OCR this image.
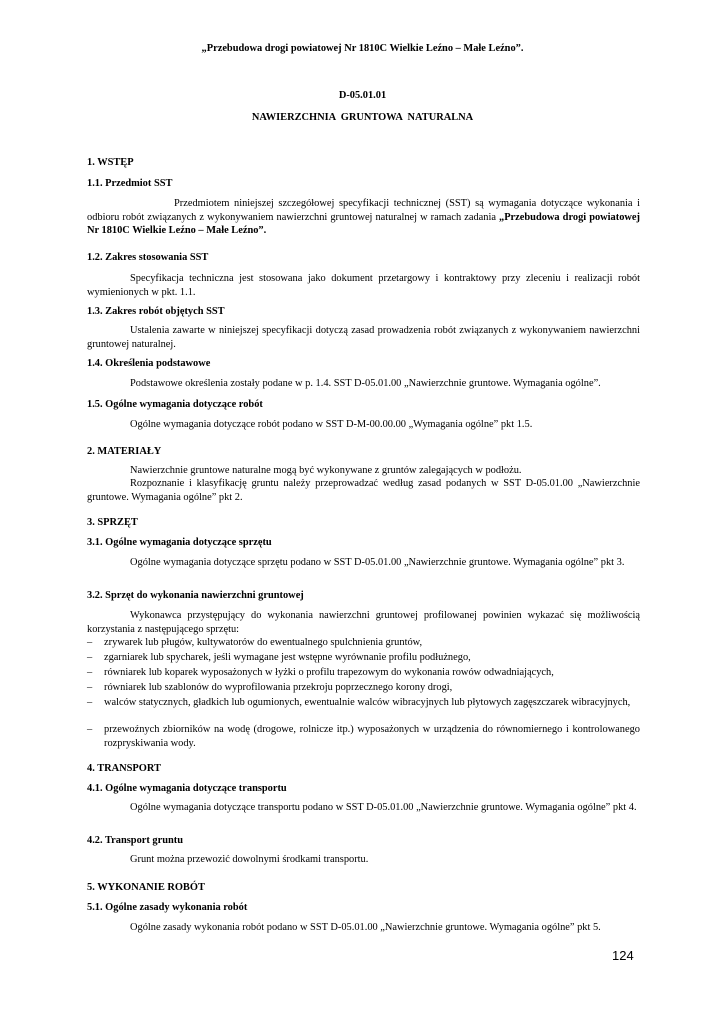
„Przebudowa drogi powiatowej Nr 1810C Wielkie Leźno – Małe Leźno”.
D-05.01.01
NAWIERZCHNIA  GRUNTOWA  NATURALNA
1. WSTĘP
1.1. Przedmiot SST
Przedmiotem niniejszej szczegółowej specyfikacji technicznej (SST) są wymagania dotyczące wykonania i odbioru robót związanych z wykonywaniem nawierzchni gruntowej naturalnej w ramach zadania „Przebudowa drogi powiatowej Nr 1810C Wielkie Leźno – Małe Leźno”.
1.2. Zakres stosowania SST
Specyfikacja techniczna jest stosowana jako dokument przetargowy i kontraktowy przy zleceniu i realizacji robót wymienionych w pkt. 1.1.
1.3. Zakres robót objętych SST
Ustalenia zawarte w niniejszej specyfikacji dotyczą zasad prowadzenia robót związanych z wykonywaniem nawierzchni gruntowej naturalnej.
1.4. Określenia podstawowe
Podstawowe określenia zostały podane w p. 1.4. SST D-05.01.00 „Nawierzchnie gruntowe. Wymagania ogólne”.
1.5. Ogólne wymagania dotyczące robót
Ogólne wymagania dotyczące robót podano w SST D-M-00.00.00 „Wymagania ogólne” pkt 1.5.
2. MATERIAŁY
Nawierzchnie gruntowe naturalne mogą być wykonywane z gruntów zalegających w podłożu.
Rozpoznanie i klasyfikację gruntu należy przeprowadzać według zasad podanych w SST D-05.01.00 „Nawierzchnie gruntowe. Wymagania ogólne” pkt 2.
3. SPRZĘT
3.1. Ogólne wymagania dotyczące sprzętu
Ogólne wymagania dotyczące sprzętu podano w SST D-05.01.00 „Nawierzchnie gruntowe. Wymagania ogólne” pkt 3.
3.2. Sprzęt do wykonania nawierzchni gruntowej
Wykonawca przystępujący do wykonania nawierzchni gruntowej profilowanej powinien wykazać się możliwością korzystania z następującego sprzętu:
– zrywarek lub pługów, kultywatorów do ewentualnego spulchnienia gruntów,
– zgarniarek lub spycharek, jeśli wymagane jest wstępne wyrównanie profilu podłużnego,
– równiarek lub koparek wyposażonych w łyżki o profilu trapezowym do wykonania rowów odwadniających,
– równiarek lub szablonów do wyprofilowania przekroju poprzecznego korony drogi,
– walców statycznych, gładkich lub ogumionych, ewentualnie walców wibracyjnych lub płytowych zagęszczarek wibracyjnych,
– przewoźnych zbiorników na wodę (drogowe, rolnicze itp.) wyposażonych w urządzenia do równomiernego i kontrolowanego rozpryskiwania wody.
4. TRANSPORT
4.1. Ogólne wymagania dotyczące transportu
Ogólne wymagania dotyczące transportu podano w SST D-05.01.00 „Nawierzchnie gruntowe. Wymagania ogólne” pkt 4.
4.2. Transport gruntu
Grunt można przewozić dowolnymi środkami transportu.
5. WYKONANIE ROBÓT
5.1. Ogólne zasady wykonania robót
Ogólne zasady wykonania robót podano w SST D-05.01.00 „Nawierzchnie gruntowe. Wymagania ogólne” pkt 5.
124
